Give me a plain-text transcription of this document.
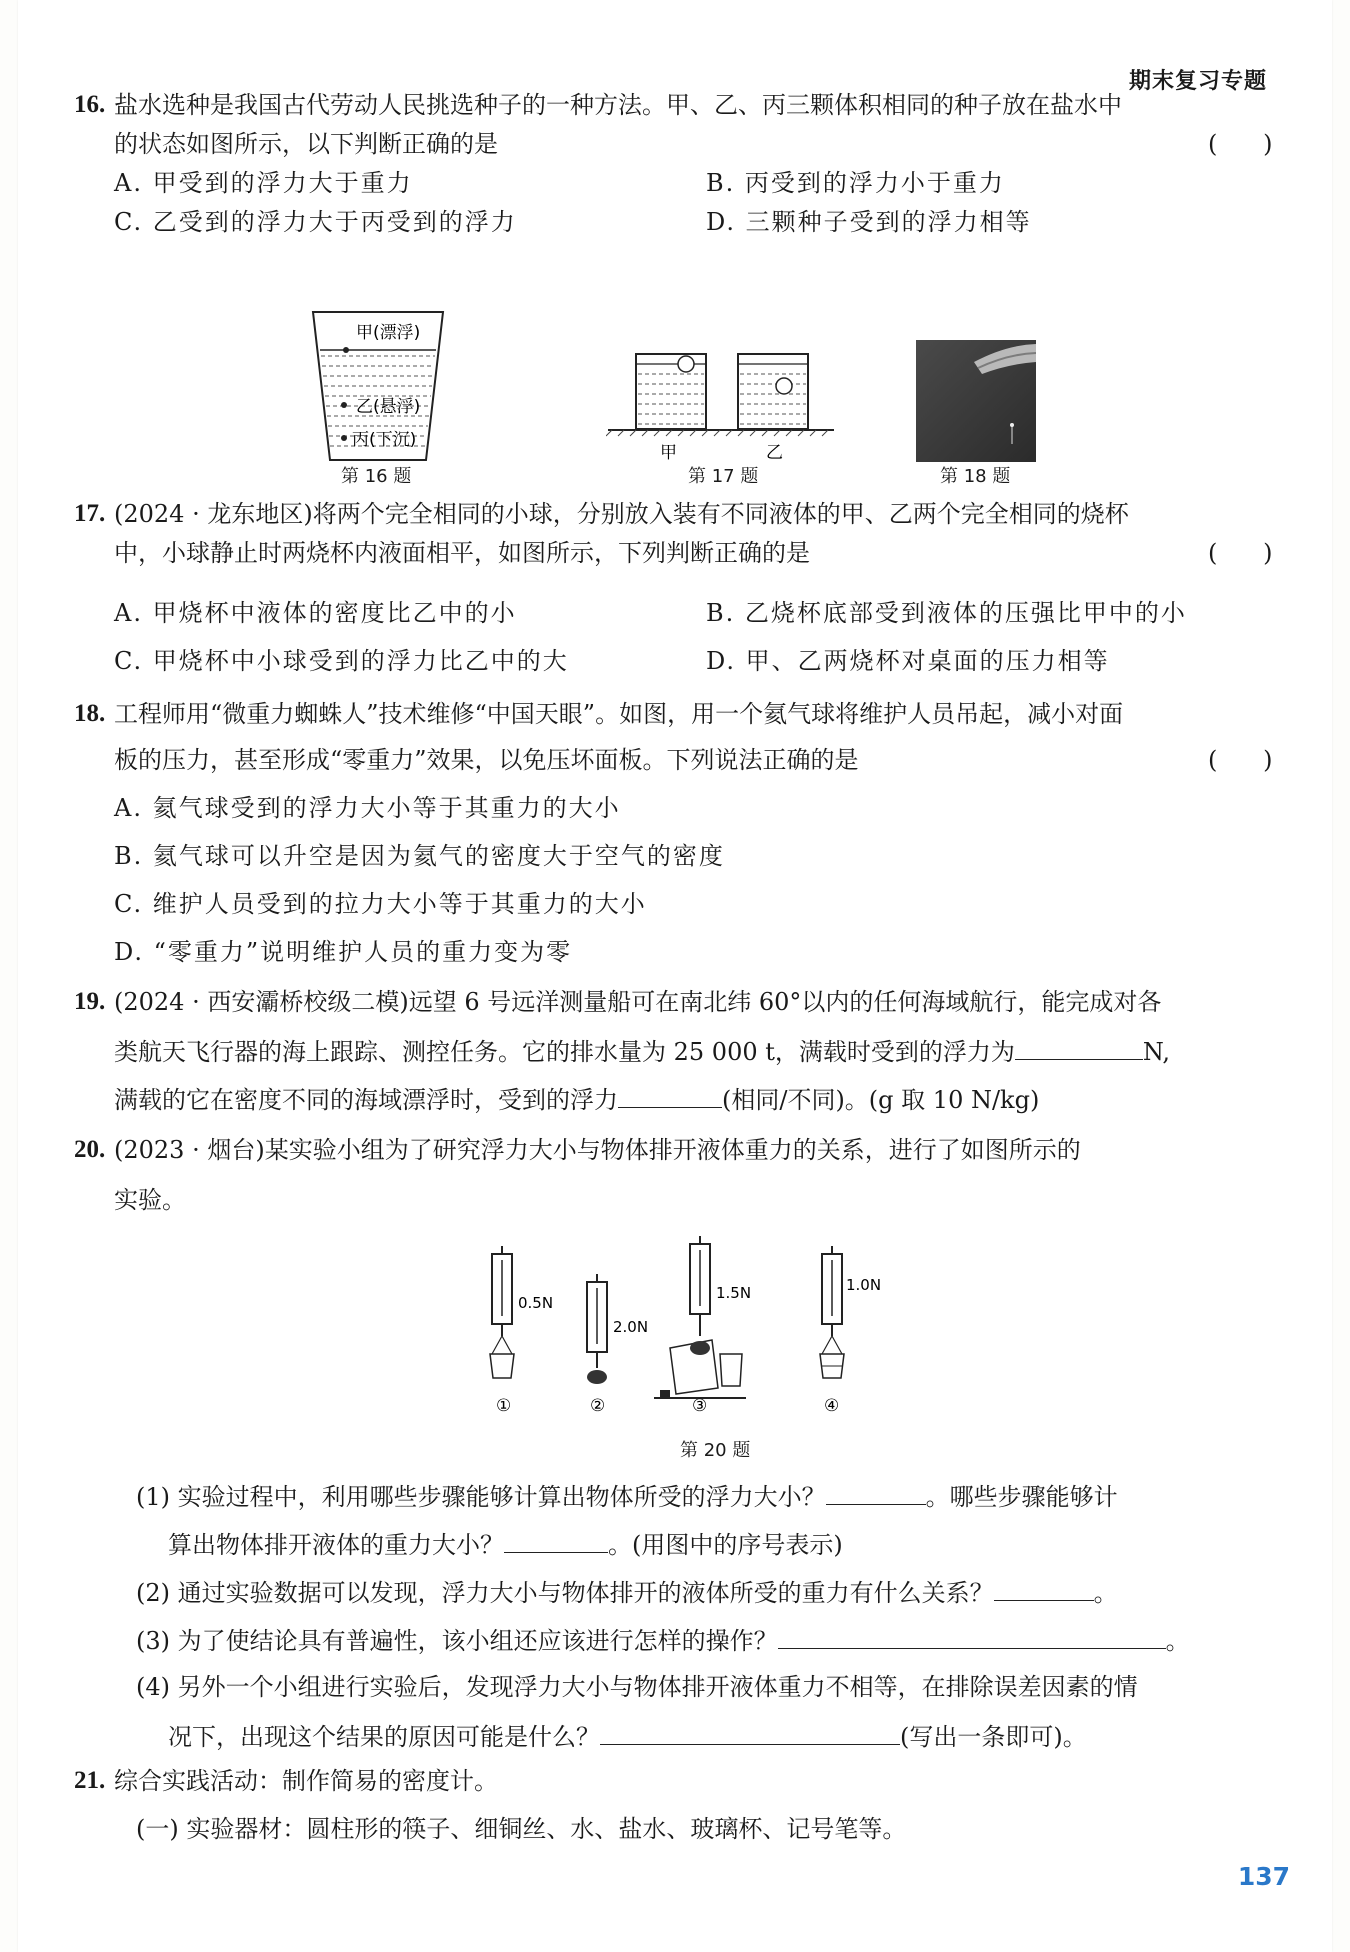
期末复习专题
16. 盐水选种是我国古代劳动人民挑选种子的一种方法。甲、乙、丙三颗体积相同的种子放在盐水中
的状态如图所示，以下判断正确的是	(      )
A. 甲受到的浮力大于重力	B. 丙受到的浮力小于重力
C. 乙受到的浮力大于丙受到的浮力	D. 三颗种子受到的浮力相等
甲(漂浮)
乙(悬浮)
丙(下沉)
第 16 题
甲	乙
第 17 题	第 18 题
17. (2024 · 龙东地区)将两个完全相同的小球，分别放入装有不同液体的甲、乙两个完全相同的烧杯
中，小球静止时两烧杯内液面相平，如图所示，下列判断正确的是	(      )
A. 甲烧杯中液体的密度比乙中的小	B. 乙烧杯底部受到液体的压强比甲中的小
C. 甲烧杯中小球受到的浮力比乙中的大	D. 甲、乙两烧杯对桌面的压力相等
18. 工程师用“微重力蜘蛛人”技术维修“中国天眼”。如图，用一个氦气球将维护人员吊起，减小对面
板的压力，甚至形成“零重力”效果，以免压坏面板。下列说法正确的是	(      )
A. 氦气球受到的浮力大小等于其重力的大小
B. 氦气球可以升空是因为氦气的密度大于空气的密度
C. 维护人员受到的拉力大小等于其重力的大小
D. “零重力”说明维护人员的重力变为零
19. (2024 · 西安灞桥校级二模)远望 6 号远洋测量船可在南北纬 60°以内的任何海域航行，能完成对各
类航天飞行器的海上跟踪、测控任务。它的排水量为 25 000 t，满载时受到的浮力为	N,
满载的它在密度不同的海域漂浮时，受到的浮力	(相同/不同)。(g 取 10 N/kg)
20. (2023 · 烟台)某实验小组为了研究浮力大小与物体排开液体重力的关系，进行了如图所示的
实验。
0.5N
①
2.0N
②
1.5N
③
1.0N
④
第 20 题
(1) 实验过程中，利用哪些步骤能够计算出物体所受的浮力大小？	。哪些步骤能够计
算出物体排开液体的重力大小？	。(用图中的序号表示)
(2) 通过实验数据可以发现，浮力大小与物体排开的液体所受的重力有什么关系？	。
(3) 为了使结论具有普遍性，该小组还应该进行怎样的操作？	。
(4) 另外一个小组进行实验后，发现浮力大小与物体排开液体重力不相等，在排除误差因素的情
况下，出现这个结果的原因可能是什么？	(写出一条即可)。
21. 综合实践活动：制作简易的密度计。
(一) 实验器材：圆柱形的筷子、细铜丝、水、盐水、玻璃杯、记号笔等。
137
